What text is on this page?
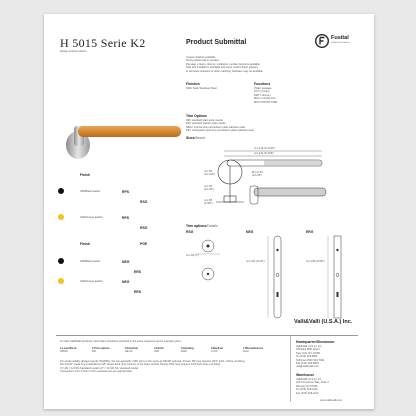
H 5015 Serie K2
Design Antonio Citterio
Product Submittal
Fusital
Valli&Valli Products
Custom finishes available
Spring assist built in rosettes
Passage, privacy, dummy, multipoint, mortise functions available
Sold and installed in standard and some custom finish (shown)
In complete selection of other matching hardware may be available
Finishes
32Dn Satin Stainless Steel
Functions
PGE= passage
PCY= privacy
DMY= dummy
MLK= mortise lock
MULTI-POINT TRIM
Trim Options
RR= standard plain style rosette
RQ= standard square style rosette
NEG= mortise lock escutcheon plate stainless steel
ER= rectangular style long escutcheon plate stainless steel
Sizes/Mount
mm 145 (5-11/16")
mm 131 (5-3/16")
mm 68
(2-11/16")
mm 53
(2-1/16")
Ø mm 53
(2-1/16")
mm 58
(2-3/8")
Trim options/Details
RSG
mm 40 (1")
NEG
mm 241 (9-1/2")
ERG
mm 245 (9-5/8")
Finish
32D/Black leather	RPS
RSG
32D/Orange leather	RPS
RSG
Finish	PGE
32D/Black leather	NEG
ERS
32D/Orange leather	NEG
ERS
To order Valli&Valli products, information should be specified in the same sequence as the example given:
1.Lever/Knob	2.Trim options	3.Function	4.Finish	5.Handing	6.Backset	7.Miscellaneous
H5015	RR	GE-12	32D	RHR	2-3/4"	fixed
For small mobility (always specify INHAND), the two assembly / RR/ shiny is the same as RR-RP antimag. Privacy PR rose requires 3/16" thick / where not fitting.
RG-3-3/16" made key is standard 2-1/8" whose thick (if at contrary to the same as RG) Privacy PR2 rose requires 1/16 thick when not fitting.
If 7-4/F = 1/2 RG Standard model 1/2" = 1b SFI 53 / standard model.
Conversions from inches to UK measurement are approximate.
Valli&Valli (U.S.A.) Inc.
Headquarter/Showroom
Valli&Valli (U.S.A.) Inc.
150 East 58th Street
New York, NY 10155
Tel (212) 326-8811
Toll Free (800) 543-7361
Fax (212) 326-8816
usa@vallievalli.com
Warehouse
Valli&Valli (U.S.A.) Inc.
125 Commerce Way, Suite 2
Ramsey NJ 07446
Tel (973) 618-1100
Fax (973) 618-1112
www.vallievalli.com
